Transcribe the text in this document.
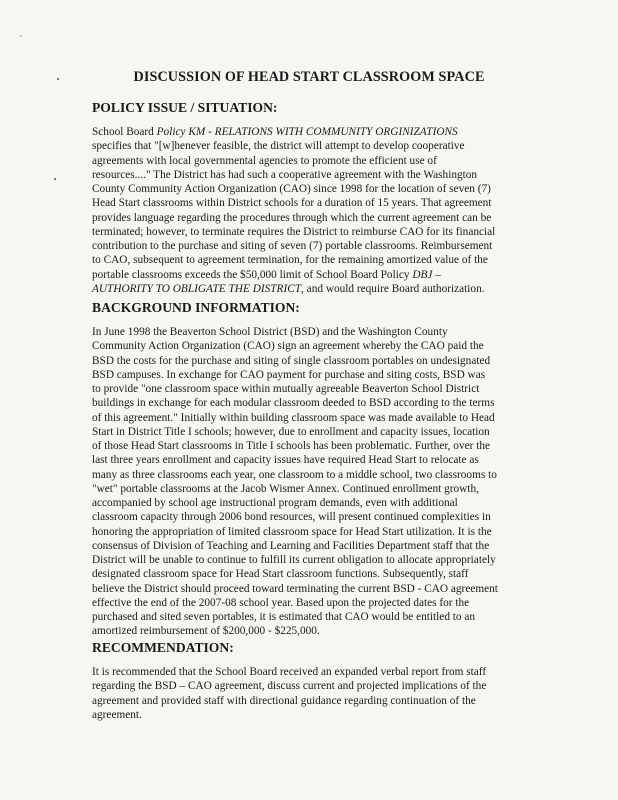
DISCUSSION OF HEAD START CLASSROOM SPACE
POLICY ISSUE / SITUATION:
School Board Policy KM - RELATIONS WITH COMMUNITY ORGINIZATIONS
specifies that "[w]henever feasible, the district will attempt to develop cooperative
agreements with local governmental agencies to promote the efficient use of
resources...." The District has had such a cooperative agreement with the Washington
County Community Action Organization (CAO) since 1998 for the location of seven (7)
Head Start classrooms within District schools for a duration of 15 years. That agreement
provides language regarding the procedures through which the current agreement can be
terminated; however, to terminate requires the District to reimburse CAO for its financial
contribution to the purchase and siting of seven (7) portable classrooms. Reimbursement
to CAO, subsequent to agreement termination, for the remaining amortized value of the
portable classrooms exceeds the $50,000 limit of School Board Policy DBJ –
AUTHORITY TO OBLIGATE THE DISTRICT, and would require Board authorization.
BACKGROUND INFORMATION:
In June 1998 the Beaverton School District (BSD) and the Washington County
Community Action Organization (CAO) sign an agreement whereby the CAO paid the
BSD the costs for the purchase and siting of single classroom portables on undesignated
BSD campuses. In exchange for CAO payment for purchase and siting costs, BSD was
to provide "one classroom space within mutually agreeable Beaverton School District
buildings in exchange for each modular classroom deeded to BSD according to the terms
of this agreement." Initially within building classroom space was made available to Head
Start in District Title I schools; however, due to enrollment and capacity issues, location
of those Head Start classrooms in Title I schools has been problematic. Further, over the
last three years enrollment and capacity issues have required Head Start to relocate as
many as three classrooms each year, one classroom to a middle school, two classrooms to
"wet" portable classrooms at the Jacob Wismer Annex. Continued enrollment growth,
accompanied by school age instructional program demands, even with additional
classroom capacity through 2006 bond resources, will present continued complexities in
honoring the appropriation of limited classroom space for Head Start utilization. It is the
consensus of Division of Teaching and Learning and Facilities Department staff that the
District will be unable to continue to fulfill its current obligation to allocate appropriately
designated classroom space for Head Start classroom functions. Subsequently, staff
believe the District should proceed toward terminating the current BSD - CAO agreement
effective the end of the 2007-08 school year. Based upon the projected dates for the
purchased and sited seven portables, it is estimated that CAO would be entitled to an
amortized reimbursement of $200,000 - $225,000.
RECOMMENDATION:
It is recommended that the School Board received an expanded verbal report from staff
regarding the BSD – CAO agreement, discuss current and projected implications of the
agreement and provided staff with directional guidance regarding continuation of the
agreement.
